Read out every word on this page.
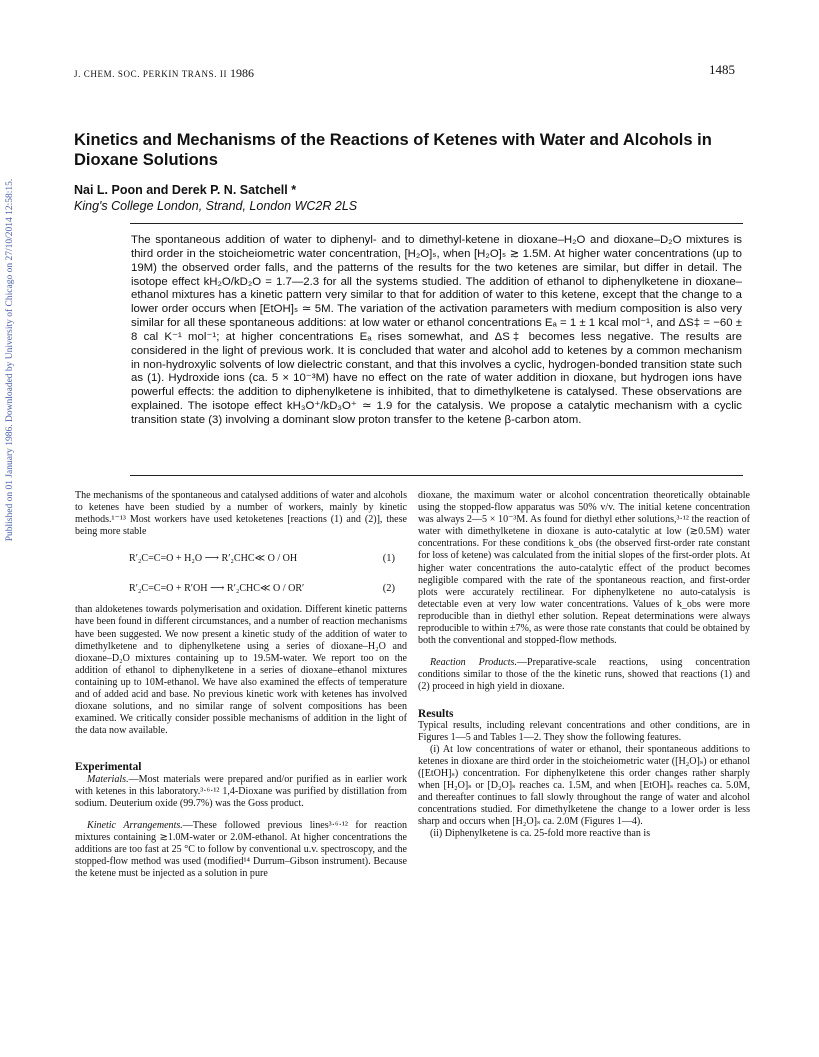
Published on 01 January 1986. Downloaded by University of Chicago on 27/10/2014 12:58:15.
J. CHEM. SOC. PERKIN TRANS. II 1986	1485
Kinetics and Mechanisms of the Reactions of Ketenes with Water and Alcohols in Dioxane Solutions
Nai L. Poon and Derek P. N. Satchell *
King's College London, Strand, London WC2R 2LS
The spontaneous addition of water to diphenyl- and to dimethyl-ketene in dioxane–H₂O and dioxane–D₂O mixtures is third order in the stoicheiometric water concentration, [H₂O]ₛ, when [H₂O]ₛ ≳ 1.5M. At higher water concentrations (up to 19M) the observed order falls, and the patterns of the results for the two ketenes are similar, but differ in detail. The isotope effect kH₂O/kD₂O = 1.7—2.3 for all the systems studied. The addition of ethanol to diphenylketene in dioxane–ethanol mixtures has a kinetic pattern very similar to that for addition of water to this ketene, except that the change to a lower order occurs when [EtOH]ₛ ≃ 5M. The variation of the activation parameters with medium composition is also very similar for all these spontaneous additions: at low water or ethanol concentrations Eₐ = 1 ± 1 kcal mol⁻¹, and ΔS‡ = −60 ± 8 cal K⁻¹ mol⁻¹; at higher concentrations Eₐ rises somewhat, and ΔS‡ becomes less negative. The results are considered in the light of previous work. It is concluded that water and alcohol add to ketenes by a common mechanism in non-hydroxylic solvents of low dielectric constant, and that this involves a cyclic, hydrogen-bonded transition state such as (1). Hydroxide ions (ca. 5 × 10⁻³M) have no effect on the rate of water addition in dioxane, but hydrogen ions have powerful effects: the addition to diphenylketene is inhibited, that to dimethylketene is catalysed. These observations are explained. The isotope effect kH₃O⁺/kD₃O⁺ ≃ 1.9 for the catalysis. We propose a catalytic mechanism with a cyclic transition state (3) involving a dominant slow proton transfer to the ketene β-carbon atom.

The mechanisms of the spontaneous and catalysed additions of water and alcohols to ketenes have been studied by a number of workers, mainly by kinetic methods.¹⁻¹³ Most workers have used ketoketenes [reactions (1) and (2)], these being more stable

R′₂C=C=O + H₂O ⟶ R′₂CHC≪ O / OH	(1)
R′₂C=C=O + R′OH ⟶ R′₂CHC≪ O / OR′	(2)

than aldoketenes towards polymerisation and oxidation. Different kinetic patterns have been found in different circumstances, and a number of reaction mechanisms have been suggested. We now present a kinetic study of the addition of water to dimethylketene and to diphenylketene using a series of dioxane–H₂O and dioxane–D₂O mixtures containing up to 19.5M-water. We report too on the addition of ethanol to diphenylketene in a series of dioxane–ethanol mixtures containing up to 10M-ethanol. We have also examined the effects of temperature and of added acid and base. No previous kinetic work with ketenes has involved dioxane solutions, and no similar range of solvent compositions has been examined. We critically consider possible mechanisms of addition in the light of the data now available.

Experimental

Materials.—Most materials were prepared and/or purified as in earlier work with ketenes in this laboratory.³·⁶·¹² 1,4-Dioxane was purified by distillation from sodium. Deuterium oxide (99.7%) was the Goss product.

Kinetic Arrangements.—These followed previous lines³·⁶·¹² for reaction mixtures containing ≳1.0M-water or 2.0M-ethanol. At higher concentrations the additions are too fast at 25 °C to follow by conventional u.v. spectroscopy, and the stopped-flow method was used (modified¹⁴ Durrum–Gibson instrument). Because the ketene must be injected as a solution in pure

dioxane, the maximum water or alcohol concentration theoretically obtainable using the stopped-flow apparatus was 50% v/v. The initial ketene concentration was always 2—5 × 10⁻³M. As found for diethyl ether solutions,³·¹² the reaction of water with dimethylketene in dioxane is auto-catalytic at low (≳0.5M) water concentrations. For these conditions k_obs (the observed first-order rate constant for loss of ketene) was calculated from the initial slopes of the first-order plots. At higher water concentrations the auto-catalytic effect of the product becomes negligible compared with the rate of the spontaneous reaction, and first-order plots were accurately rectilinear. For diphenylketene no auto-catalysis is detectable even at very low water concentrations. Values of k_obs were more reproducible than in diethyl ether solution. Repeat determinations were always reproducible to within ±7%, as were those rate constants that could be obtained by both the conventional and stopped-flow methods.

Reaction Products.—Preparative-scale reactions, using concentration conditions similar to those of the the kinetic runs, showed that reactions (1) and (2) proceed in high yield in dioxane.

Results

Typical results, including relevant concentrations and other conditions, are in Figures 1—5 and Tables 1—2. They show the following features.

(i) At low concentrations of water or ethanol, their spontaneous additions to ketenes in dioxane are third order in the stoicheiometric water ([H₂O]ₛ) or ethanol ([EtOH]ₛ) concentration. For diphenylketene this order changes rather sharply when [H₂O]ₛ or [D₂O]ₛ reaches ca. 1.5M, and when [EtOH]ₛ reaches ca. 5.0M, and thereafter continues to fall slowly throughout the range of water and alcohol concentrations studied. For dimethylketene the change to a lower order is less sharp and occurs when [H₂O]ₛ ca. 2.0M (Figures 1—4).

(ii) Diphenylketene is ca. 25-fold more reactive than is
